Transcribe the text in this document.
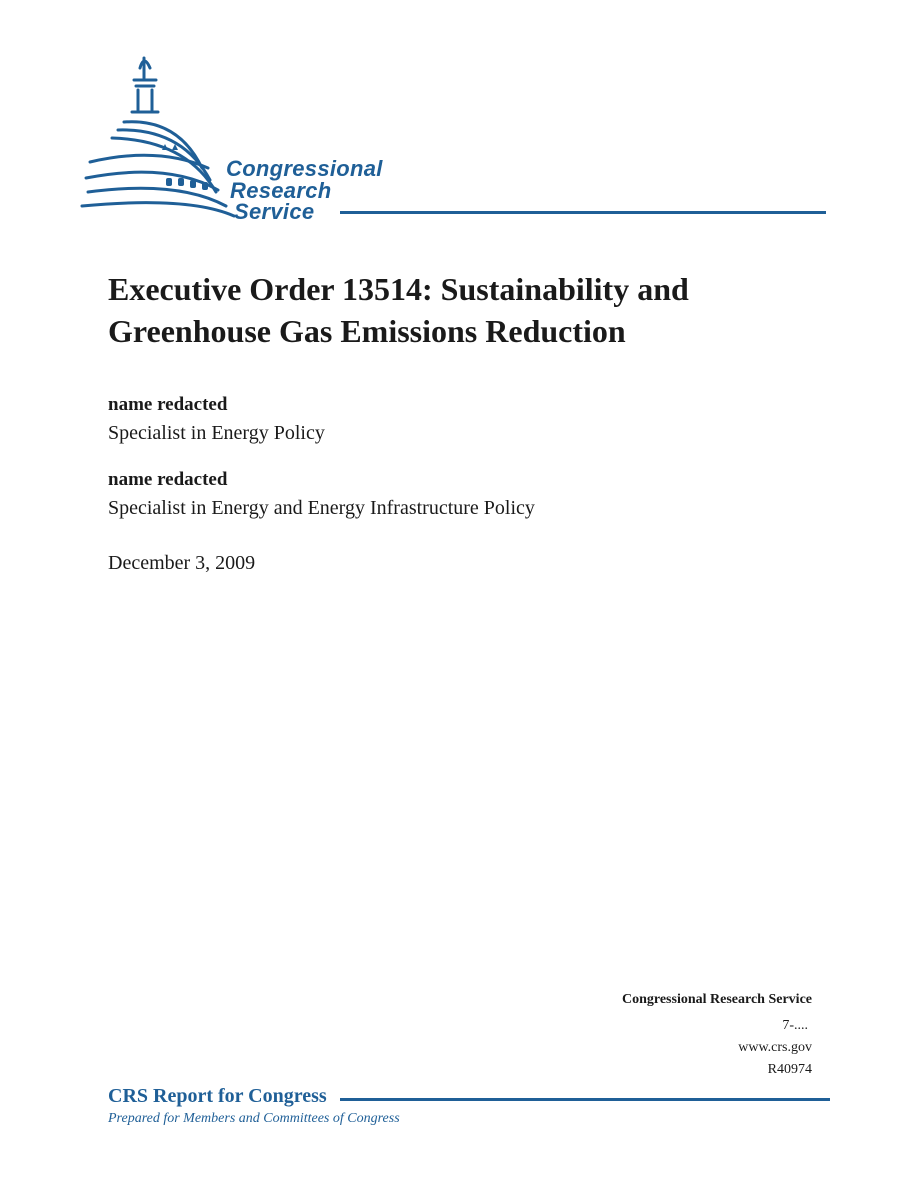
Congressional
Research
Service
Executive Order 13514: Sustainability and
Greenhouse Gas Emissions Reduction
name redacted
Specialist in Energy Policy
name redacted
Specialist in Energy and Energy Infrastructure Policy
December 3, 2009
Congressional Research Service
7-....
www.crs.gov
R40974
CRS Report for Congress
Prepared for Members and Committees of Congress
